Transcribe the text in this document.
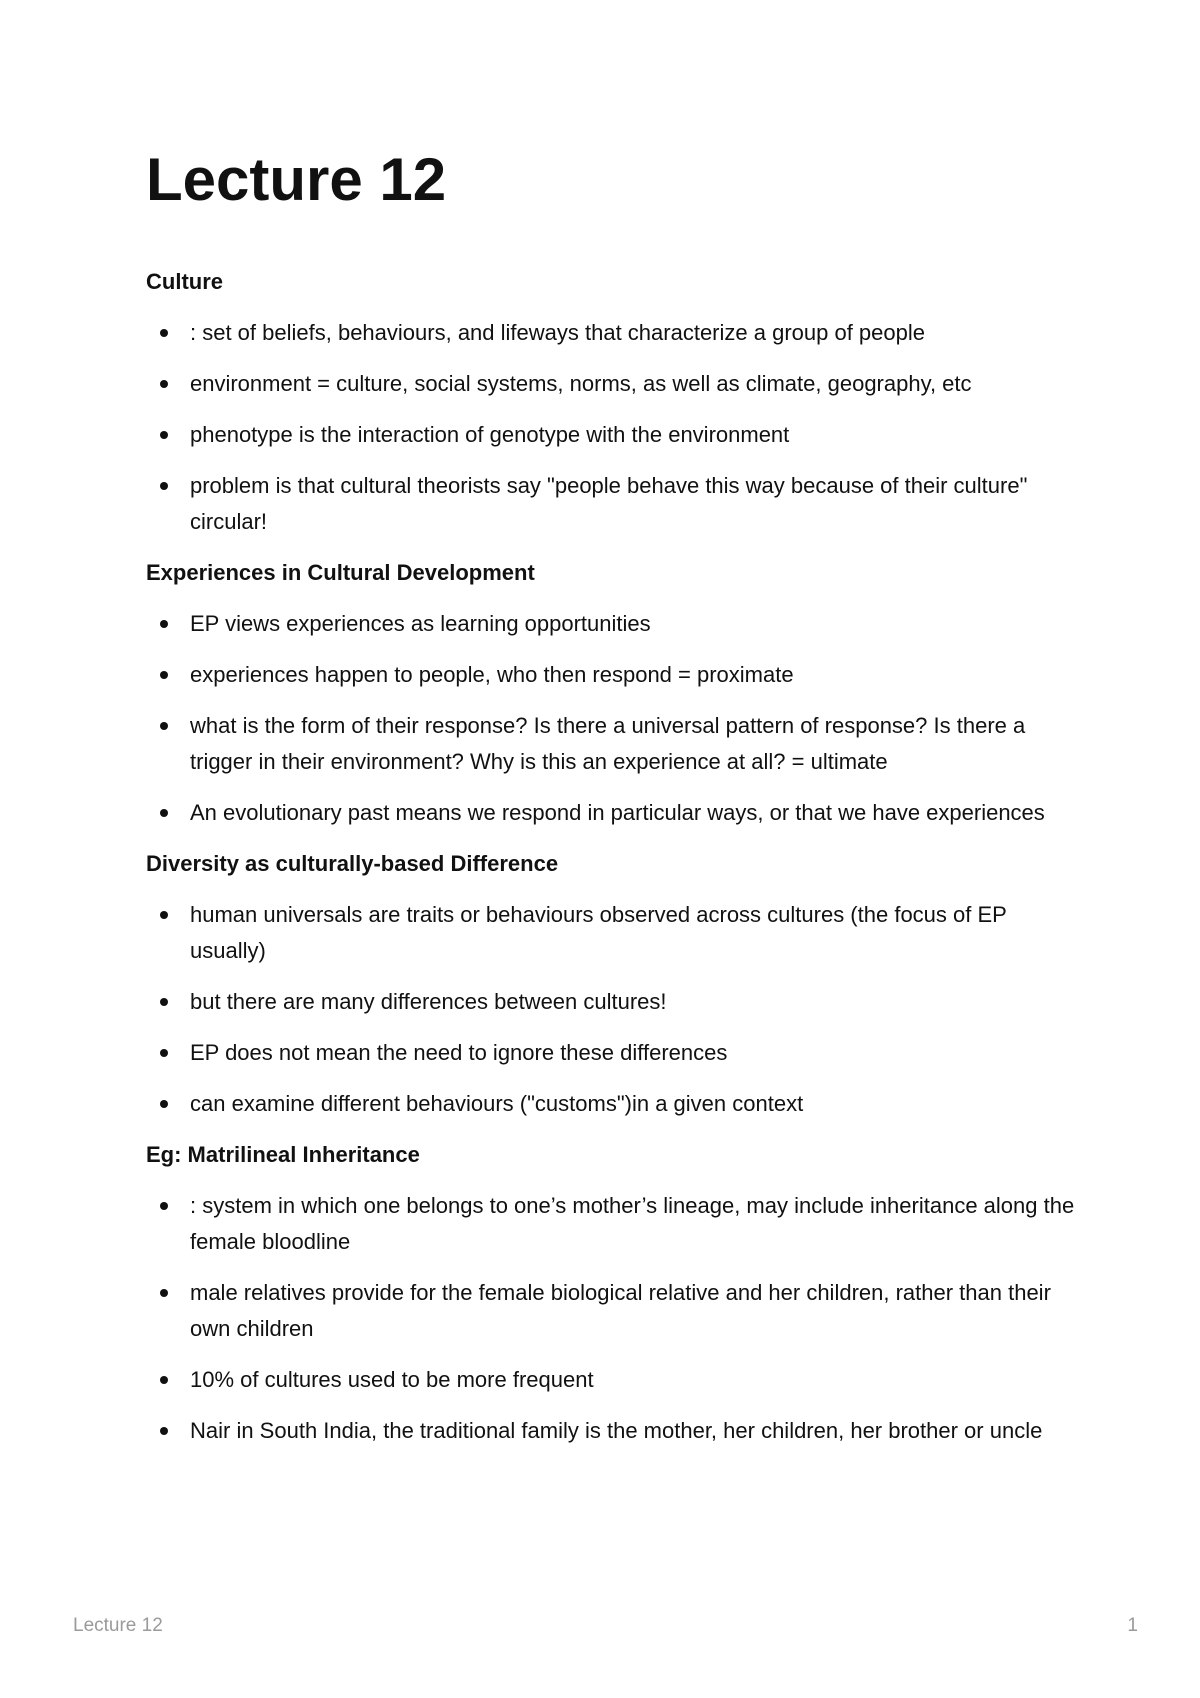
Lecture 12
Culture
: set of beliefs, behaviours, and lifeways that characterize a group of people
environment = culture, social systems, norms, as well as climate, geography, etc
phenotype is the interaction of genotype with the environment
problem is that cultural theorists say "people behave this way because of their culture" circular!
Experiences in Cultural Development
EP views experiences as learning opportunities
experiences happen to people, who then respond = proximate
what is the form of their response? Is there a universal pattern of response? Is there a trigger in their environment? Why is this an experience at all? = ultimate
An evolutionary past means we respond in particular ways, or that we have experiences
Diversity as culturally-based Difference
human universals are traits or behaviours observed across cultures (the focus of EP usually)
but there are many differences between cultures!
EP does not mean the need to ignore these differences
can examine different behaviours ("customs")in a given context
Eg: Matrilineal Inheritance
: system in which one belongs to one’s mother’s lineage, may include inheritance along the female bloodline
male relatives provide for the female biological relative and her children, rather than their own children
10% of cultures used to be more frequent
Nair in South India, the traditional family is the mother, her children, her brother or uncle
Lecture 12	1
